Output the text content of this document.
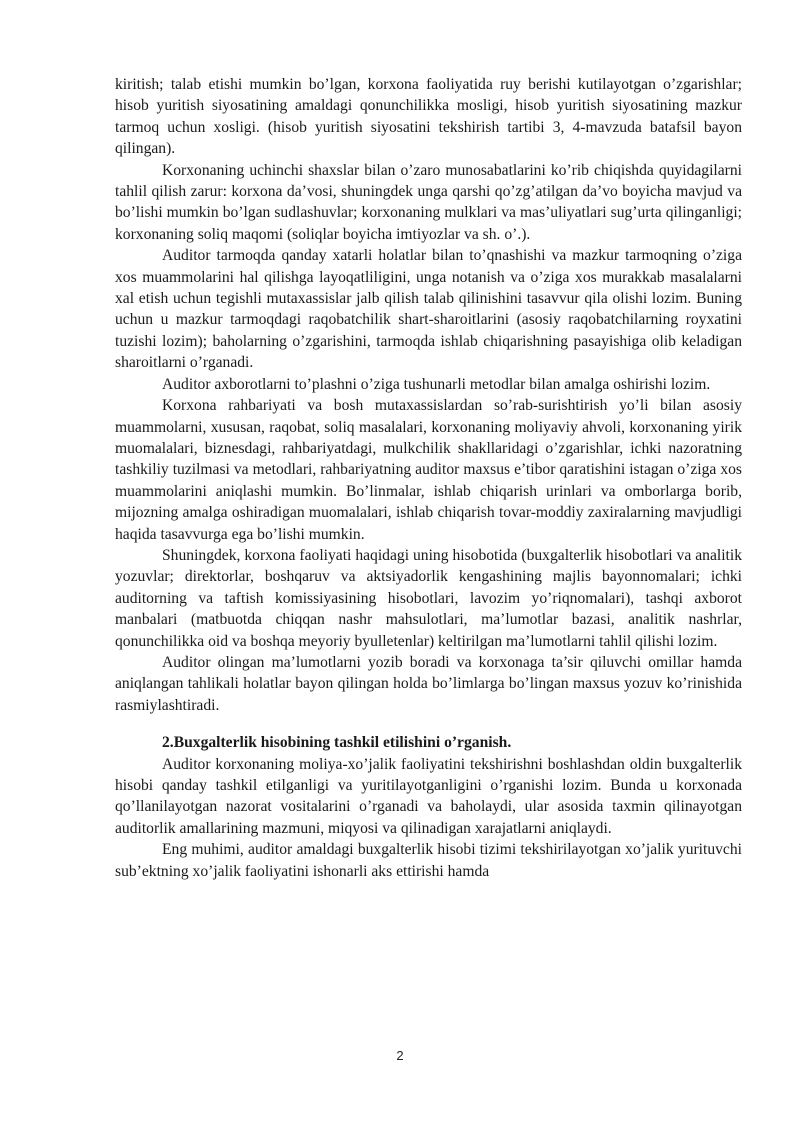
kiritish; talab etishi mumkin bo’lgan, korxona faoliyatida ruy berishi kutilayotgan o’zgarishlar; hisob yuritish siyosatining amaldagi qonunchilikka mosligi, hisob yuritish siyosatining mazkur tarmoq uchun xosligi. (hisob yuritish siyosatini tekshirish tartibi 3, 4-mavzuda batafsil bayon qilingan).

Korxonaning uchinchi shaxslar bilan o’zaro munosabatlarini ko’rib chiqishda quyidagilarni tahlil qilish zarur: korxona da’vosi, shuningdek unga qarshi qo’zg’atilgan da’vo boyicha mavjud va bo’lishi mumkin bo’lgan sudlashuvlar; korxonaning mulklari va mas’uliyatlari sug’urta qilinganligi; korxonaning soliq maqomi (soliqlar boyicha imtiyozlar va sh. o’.).

Auditor tarmoqda qanday xatarli holatlar bilan to’qnashishi va mazkur tarmoqning o’ziga xos muammolarini hal qilishga layoqatliligini, unga notanish va o’ziga xos murakkab masalalarni xal etish uchun tegishli mutaxassislar jalb qilish talab qilinishini tasavvur qila olishi lozim. Buning uchun u mazkur tarmoqdagi raqobatchilik shart-sharoitlarini (asosiy raqobatchilarning royxatini tuzishi lozim); baholarning o’zgarishini, tarmoqda ishlab chiqarishning pasayishiga olib keladigan sharoitlarni o’rganadi.

Auditor axborotlarni to’plashni o’ziga tushunarli metodlar bilan amalga oshirishi lozim.

Korxona rahbariyati va bosh mutaxassislardan so’rab-surishtirish yo’li bilan asosiy muammolarni, xususan, raqobat, soliq masalalari, korxonaning moliyaviy ahvoli, korxonaning yirik muomalalari, biznesdagi, rahbariyatdagi, mulkchilik shakllaridagi o’zgarishlar, ichki nazoratning tashkiliy tuzilmasi va metodlari, rahbariyatning auditor maxsus e’tibor qaratishini istagan o’ziga xos muammolarini aniqlashi mumkin. Bo’linmalar, ishlab chiqarish urinlari va omborlarga borib, mijozning amalga oshiradigan muomalalari, ishlab chiqarish tovar-moddiy zaxiralarning mavjudligi haqida tasavvurga ega bo’lishi mumkin.

Shuningdek, korxona faoliyati haqidagi uning hisobotida (buxgalterlik hisobotlari va analitik yozuvlar; direktorlar, boshqaruv va aktsiyadorlik kengashining majlis bayonnomalari; ichki auditorning va taftish komissiyasining hisobotlari, lavozim yo’riqnomalari), tashqi axborot manbalari (matbuotda chiqqan nashr mahsulotlari, ma’lumotlar bazasi, analitik nashrlar, qonunchilikka oid va boshqa meyoriy byulletenlar) keltirilgan ma’lumotlarni tahlil qilishi lozim.

Auditor olingan ma’lumotlarni yozib boradi va korxonaga ta’sir qiluvchi omillar hamda aniqlangan tahlikali holatlar bayon qilingan holda bo’limlarga bo’lingan maxsus yozuv ko’rinishida rasmiylashtiradi.

2.Buxgalterlik hisobining tashkil etilishini o’rganish.

Auditor korxonaning moliya-xo’jalik faoliyatini tekshirishni boshlashdan oldin buxgalterlik hisobi qanday tashkil etilganligi va yuritilayotganligini o’rganishi lozim. Bunda u korxonada qo’llanilayotgan nazorat vositalarini o’rganadi va baholaydi, ular asosida taxmin qilinayotgan auditorlik amallarining mazmuni, miqyosi va qilinadigan xarajatlarni aniqlaydi.

Eng muhimi, auditor amaldagi buxgalterlik hisobi tizimi tekshirilayotgan xo’jalik yurituvchi sub’ektning xo’jalik faoliyatini ishonarli aks ettirishi hamda

2
